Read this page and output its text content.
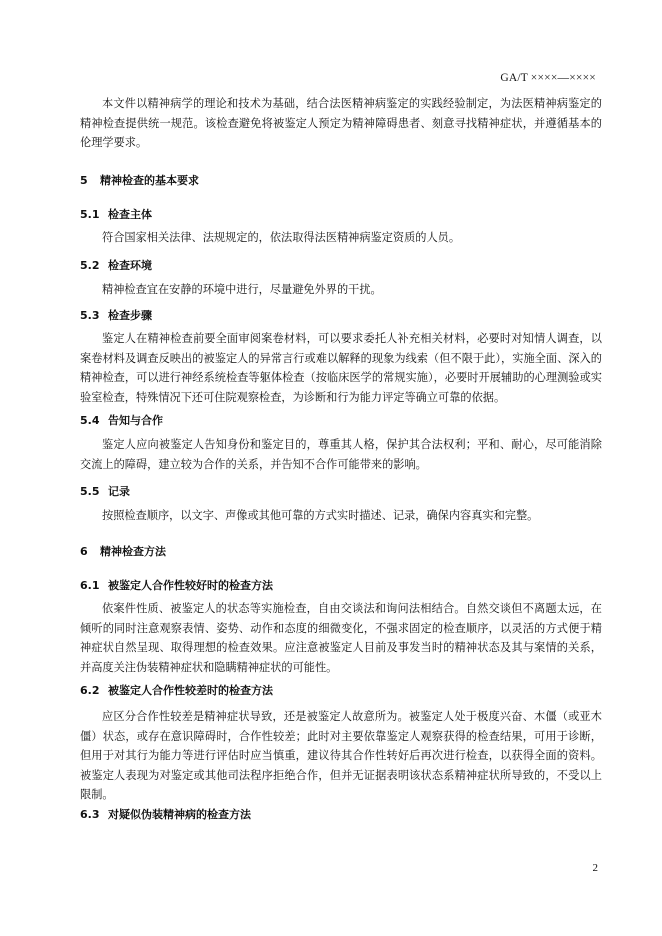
GA/T ××××—××××

本文件以精神病学的理论和技术为基础，结合法医精神病鉴定的实践经验制定，为法医精神病鉴定的精神检查提供统一规范。该检查避免将被鉴定人预定为精神障碍患者、刻意寻找精神症状，并遵循基本的伦理学要求。

5 精神检查的基本要求
5.1 检查主体

符合国家相关法律、法规规定的，依法取得法医精神病鉴定资质的人员。

5.2 检查环境

精神检查宜在安静的环境中进行，尽量避免外界的干扰。

5.3 检查步骤

鉴定人在精神检查前要全面审阅案卷材料，可以要求委托人补充相关材料，必要时对知情人调查，以案卷材料及调查反映出的被鉴定人的异常言行或难以解释的现象为线索（但不限于此），实施全面、深入的精神检查，可以进行神经系统检查等躯体检查（按临床医学的常规实施），必要时开展辅助的心理测验或实验室检查，特殊情况下还可住院观察检查，为诊断和行为能力评定等确立可靠的依据。

5.4 告知与合作

鉴定人应向被鉴定人告知身份和鉴定目的，尊重其人格，保护其合法权利；平和、耐心，尽可能消除交流上的障碍，建立较为合作的关系，并告知不合作可能带来的影响。

5.5 记录

按照检查顺序，以文字、声像或其他可靠的方式实时描述、记录，确保内容真实和完整。

6 精神检查方法
6.1 被鉴定人合作性较好时的检查方法

依案件性质、被鉴定人的状态等实施检查，自由交谈法和询问法相结合。自然交谈但不离题太远，在倾听的同时注意观察表情、姿势、动作和态度的细微变化，不强求固定的检查顺序，以灵活的方式便于精神症状自然呈现、取得理想的检查效果。应注意被鉴定人目前及事发当时的精神状态及其与案情的关系，并高度关注伪装精神症状和隐瞒精神症状的可能性。

6.2 被鉴定人合作性较差时的检查方法

应区分合作性较差是精神症状导致，还是被鉴定人故意所为。被鉴定人处于极度兴奋、木僵（或亚木僵）状态，或存在意识障碍时，合作性较差；此时对主要依靠鉴定人观察获得的检查结果，可用于诊断，但用于对其行为能力等进行评估时应当慎重，建议待其合作性转好后再次进行检查，以获得全面的资料。被鉴定人表现为对鉴定或其他司法程序拒绝合作，但并无证据表明该状态系精神症状所导致的，不受以上限制。

6.3 对疑似伪装精神病的检查方法
2
